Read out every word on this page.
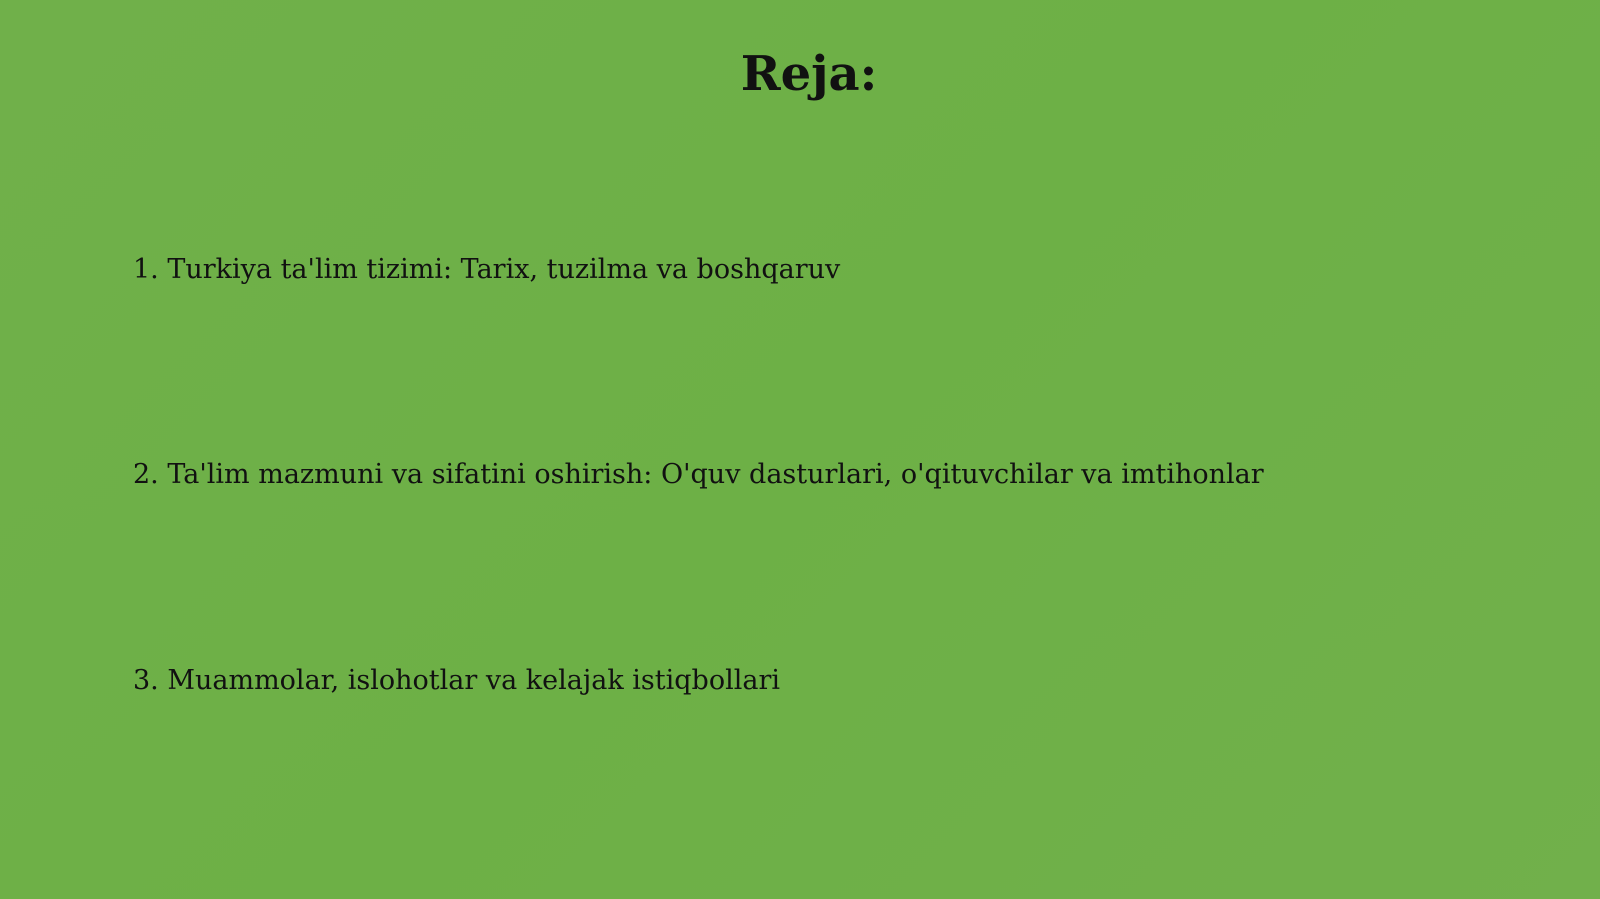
Reja:

1. Turkiya ta'lim tizimi: Tarix, tuzilma va boshqaruv

2. Ta'lim mazmuni va sifatini oshirish: O'quv dasturlari, o'qituvchilar va imtihonlar

3. Muammolar, islohotlar va kelajak istiqbollari
